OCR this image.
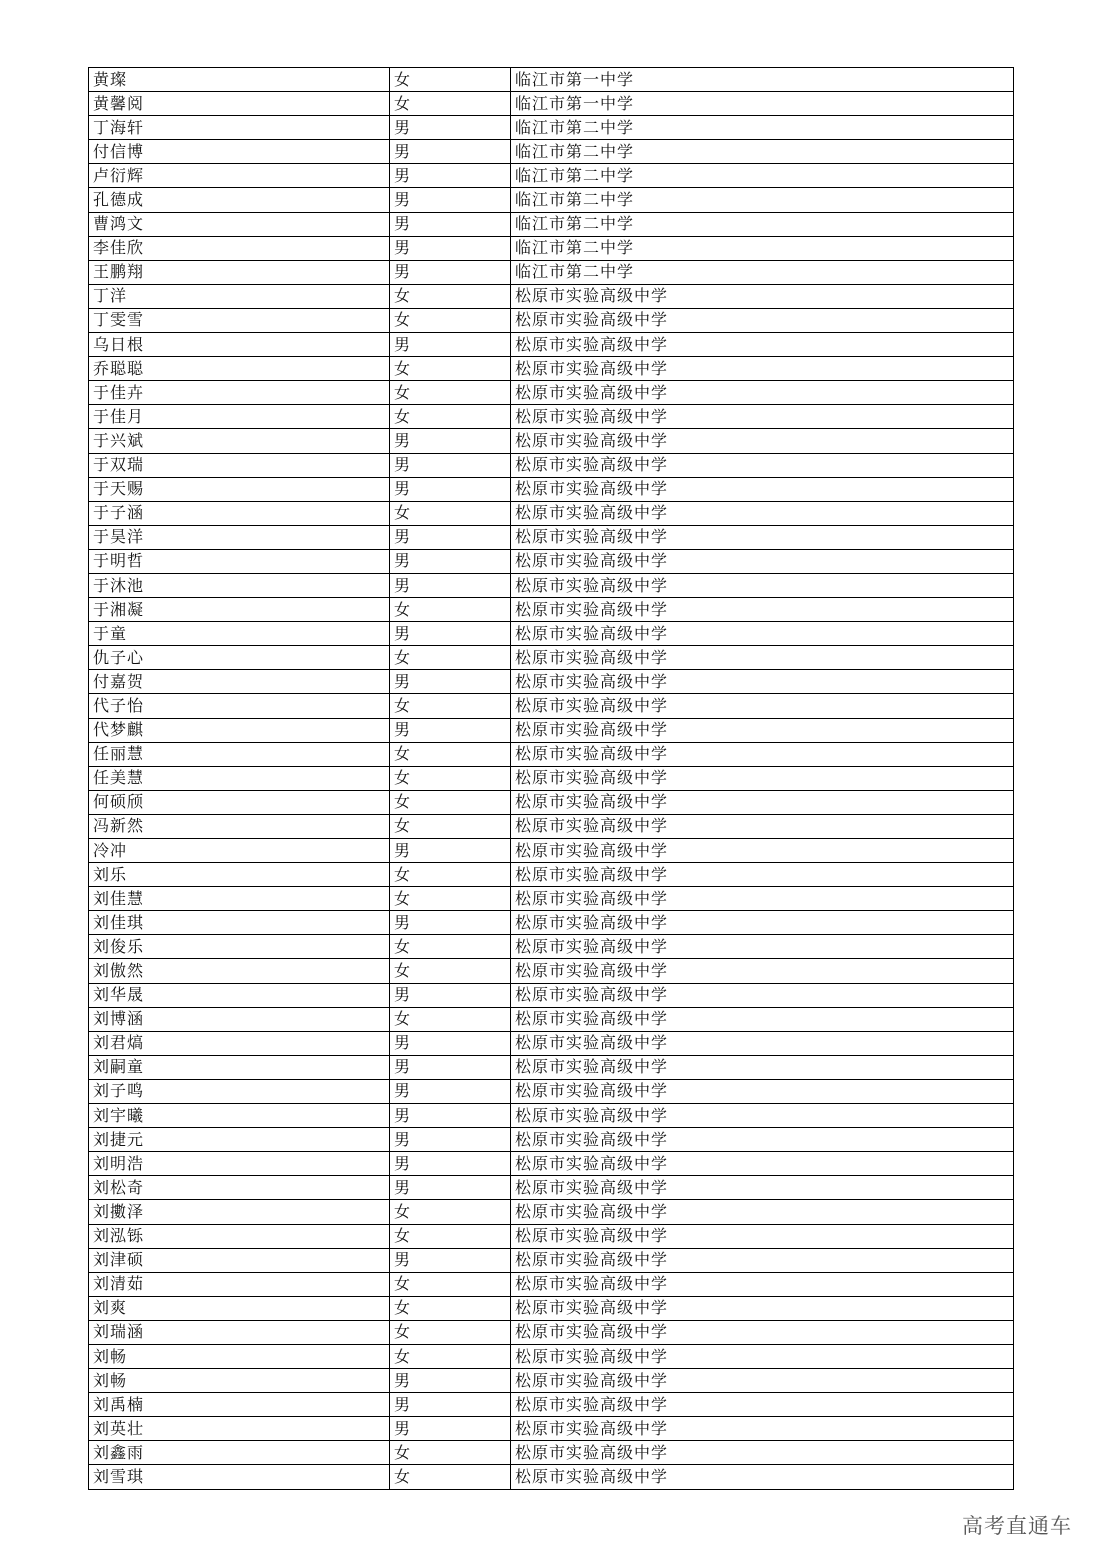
黄璨	女	临江市第一中学
黄馨阅	女	临江市第一中学
丁海轩	男	临江市第二中学
付信博	男	临江市第二中学
卢衍辉	男	临江市第二中学
孔德成	男	临江市第二中学
曹鸿文	男	临江市第二中学
李佳欣	男	临江市第二中学
王鹏翔	男	临江市第二中学
丁洋	女	松原市实验高级中学
丁雯雪	女	松原市实验高级中学
乌日根	男	松原市实验高级中学
乔聪聪	女	松原市实验高级中学
于佳卉	女	松原市实验高级中学
于佳月	女	松原市实验高级中学
于兴斌	男	松原市实验高级中学
于双瑞	男	松原市实验高级中学
于天赐	男	松原市实验高级中学
于子涵	女	松原市实验高级中学
于昊洋	男	松原市实验高级中学
于明哲	男	松原市实验高级中学
于沐池	男	松原市实验高级中学
于湘凝	女	松原市实验高级中学
于童	男	松原市实验高级中学
仇子心	女	松原市实验高级中学
付嘉贺	男	松原市实验高级中学
代子怡	女	松原市实验高级中学
代梦麒	男	松原市实验高级中学
任丽慧	女	松原市实验高级中学
任美慧	女	松原市实验高级中学
何硕颀	女	松原市实验高级中学
冯新然	女	松原市实验高级中学
冷冲	男	松原市实验高级中学
刘乐	女	松原市实验高级中学
刘佳慧	女	松原市实验高级中学
刘佳琪	男	松原市实验高级中学
刘俊乐	女	松原市实验高级中学
刘傲然	女	松原市实验高级中学
刘华晟	男	松原市实验高级中学
刘博涵	女	松原市实验高级中学
刘君熇	男	松原市实验高级中学
刘嗣童	男	松原市实验高级中学
刘子鸣	男	松原市实验高级中学
刘宇曦	男	松原市实验高级中学
刘捷元	男	松原市实验高级中学
刘明浩	男	松原市实验高级中学
刘松奇	男	松原市实验高级中学
刘擻泽	女	松原市实验高级中学
刘泓铄	女	松原市实验高级中学
刘津硕	男	松原市实验高级中学
刘清茹	女	松原市实验高级中学
刘爽	女	松原市实验高级中学
刘瑞涵	女	松原市实验高级中学
刘畅	女	松原市实验高级中学
刘畅	男	松原市实验高级中学
刘禹楠	男	松原市实验高级中学
刘英壮	男	松原市实验高级中学
刘鑫雨	女	松原市实验高级中学
刘雪琪	女	松原市实验高级中学
高考直通车
